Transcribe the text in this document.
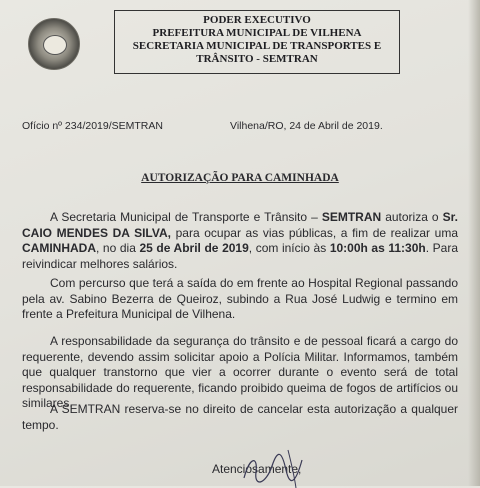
PODER EXECUTIVO
PREFEITURA MUNICIPAL DE VILHENA
SECRETARIA MUNICIPAL DE TRANSPORTES E
TRÂNSITO - SEMTRAN
Ofício nº 234/2019/SEMTRAN	Vilhena/RO, 24 de Abril de 2019.
AUTORIZAÇÃO PARA CAMINHADA
A Secretaria Municipal de Transporte e Trânsito – SEMTRAN autoriza o Sr. CAIO MENDES DA SILVA, para ocupar as vias públicas, a fim de realizar uma CAMINHADA, no dia 25 de Abril de 2019, com início às 10:00h as 11:30h. Para reivindicar melhores salários.
Com percurso que terá a saída do em frente ao Hospital Regional passando pela av. Sabino Bezerra de Queiroz, subindo a Rua José Ludwig e termino em frente a Prefeitura Municipal de Vilhena.
A responsabilidade da segurança do trânsito e de pessoal ficará a cargo do requerente, devendo assim solicitar apoio a Polícia Militar. Informamos, também que qualquer transtorno que vier a ocorrer durante o evento será de total responsabilidade do requerente, ficando proibido queima de fogos de artifícios ou similares.
A SEMTRAN reserva-se no direito de cancelar esta autorização a qualquer tempo.
Atenciosamente,
